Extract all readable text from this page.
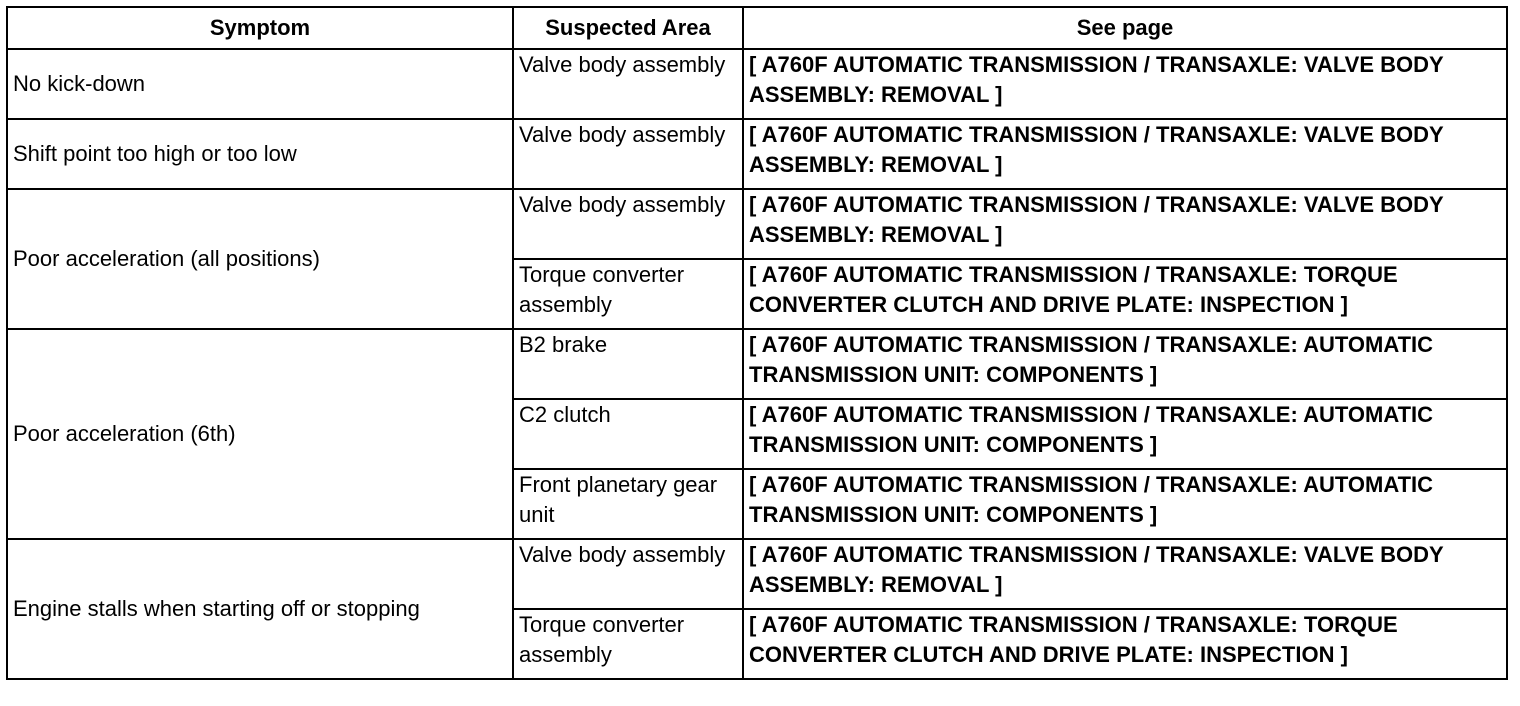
Symptom	Suspected Area	See page
No kick-down	Valve body assembly	[ A760F AUTOMATIC TRANSMISSION / TRANSAXLE: VALVE BODY ASSEMBLY: REMOVAL ]
Shift point too high or too low	Valve body assembly	[ A760F AUTOMATIC TRANSMISSION / TRANSAXLE: VALVE BODY ASSEMBLY: REMOVAL ]
Poor acceleration (all positions)	Valve body assembly	[ A760F AUTOMATIC TRANSMISSION / TRANSAXLE: VALVE BODY ASSEMBLY: REMOVAL ]
	Torque converter assembly	[ A760F AUTOMATIC TRANSMISSION / TRANSAXLE: TORQUE CONVERTER CLUTCH AND DRIVE PLATE: INSPECTION ]
Poor acceleration (6th)	B2 brake	[ A760F AUTOMATIC TRANSMISSION / TRANSAXLE: AUTOMATIC TRANSMISSION UNIT: COMPONENTS ]
	C2 clutch	[ A760F AUTOMATIC TRANSMISSION / TRANSAXLE: AUTOMATIC TRANSMISSION UNIT: COMPONENTS ]
	Front planetary gear unit	[ A760F AUTOMATIC TRANSMISSION / TRANSAXLE: AUTOMATIC TRANSMISSION UNIT: COMPONENTS ]
Engine stalls when starting off or stopping	Valve body assembly	[ A760F AUTOMATIC TRANSMISSION / TRANSAXLE: VALVE BODY ASSEMBLY: REMOVAL ]
	Torque converter assembly	[ A760F AUTOMATIC TRANSMISSION / TRANSAXLE: TORQUE CONVERTER CLUTCH AND DRIVE PLATE: INSPECTION ]
